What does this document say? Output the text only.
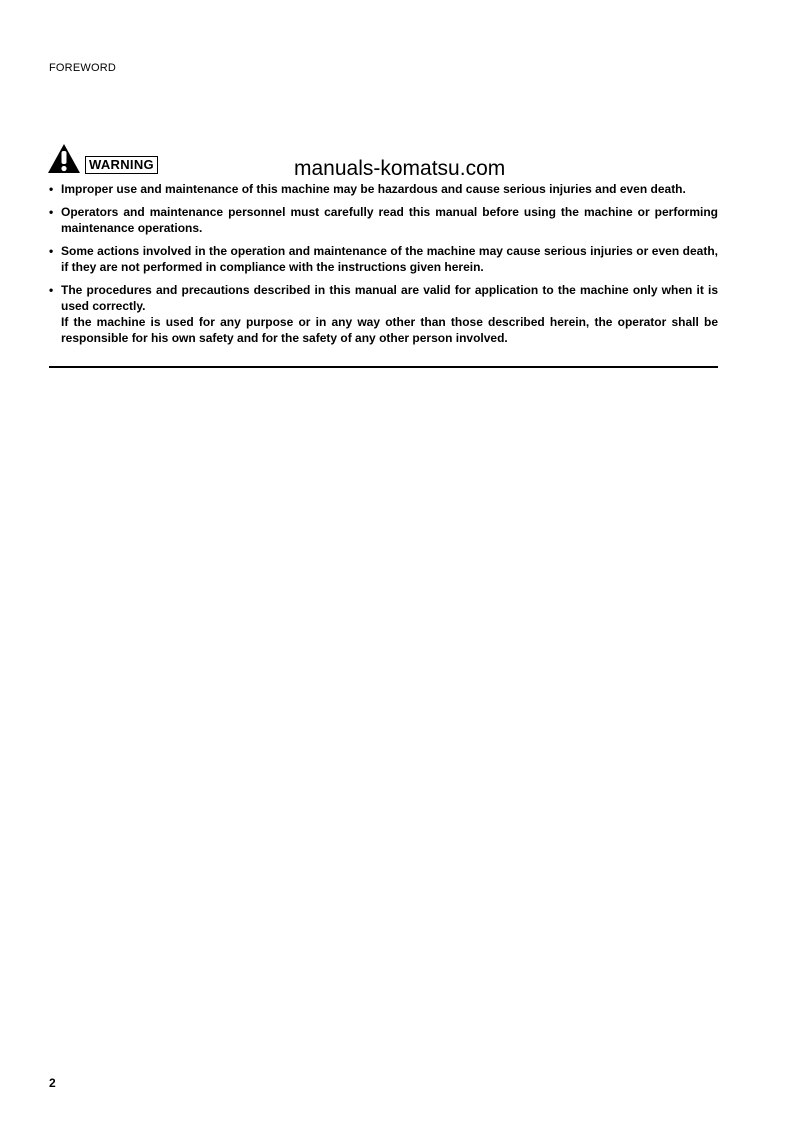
FOREWORD
WARNING	manuals-komatsu.com
• Improper use and maintenance of this machine may be hazardous and cause serious injuries and even death.

• Operators and maintenance personnel must carefully read this manual before using the machine or performing maintenance operations.

• Some actions involved in the operation and maintenance of the machine may cause serious injuries or even death, if they are not performed in compliance with the instructions given herein.

• The procedures and precautions described in this manual are valid for application to the machine only when it is used correctly.

If the machine is used for any purpose or in any way other than those described herein, the operator shall be responsible for his own safety and for the safety of any other person involved.

2
